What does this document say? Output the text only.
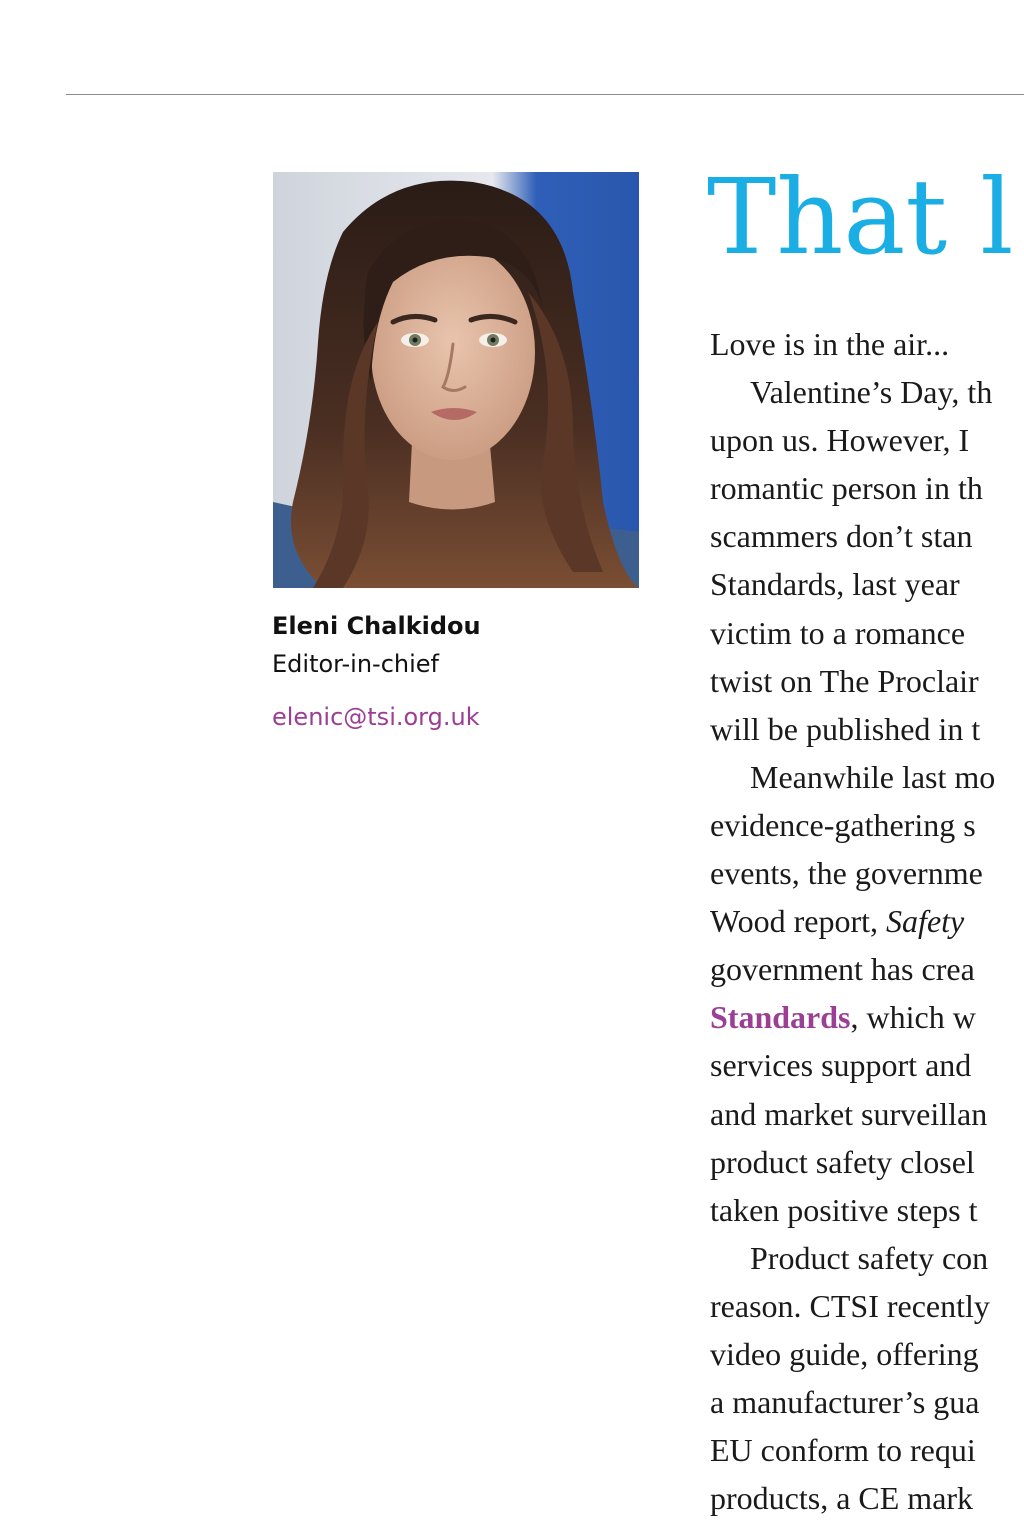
Eleni Chalkidou
Editor-in-chief
elenic@tsi.org.uk
That l
Love is in the air...
Valentine’s Day, th
upon us. However, I
romantic person in th
scammers don’t stan
Standards, last year
victim to a romance
twist on The Proclair
will be published in t
Meanwhile last mo
evidence-gathering s
events, the governme
Wood report, Safety
government has crea
Standards, which w
services support and
and market surveillan
product safety closel
taken positive steps t
Product safety con
reason. CTSI recently
video guide, offering
a manufacturer’s gua
EU conform to requi
products, a CE mark
